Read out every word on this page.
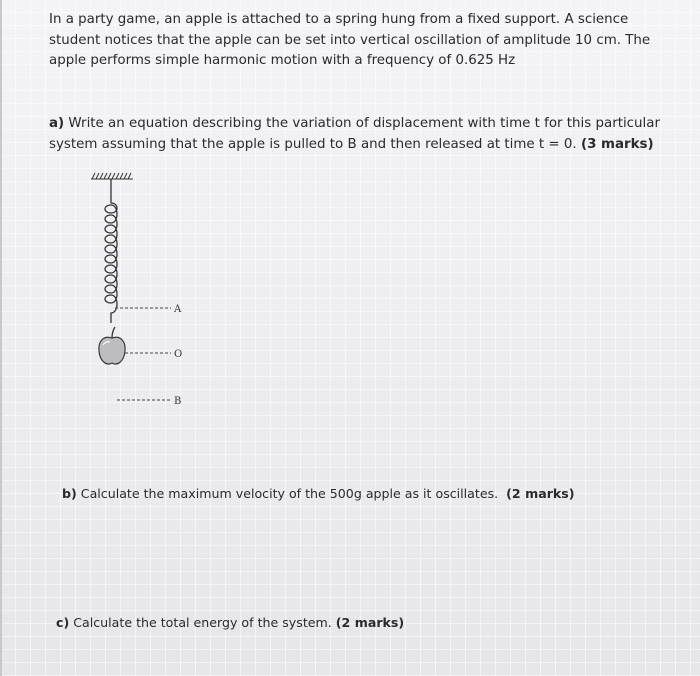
In a party game, an apple is attached to a spring hung from a fixed support. A science
student notices that the apple can be set into vertical oscillation of amplitude 10 cm. The
apple performs simple harmonic motion with a frequency of 0.625 Hz
a) Write an equation describing the variation of displacement with time t for this particular
system assuming that the apple is pulled to B and then released at time t = 0. (3 marks)
A
O
B
b) Calculate the maximum velocity of the 500g apple as it oscillates. (2 marks)
c) Calculate the total energy of the system. (2 marks)
